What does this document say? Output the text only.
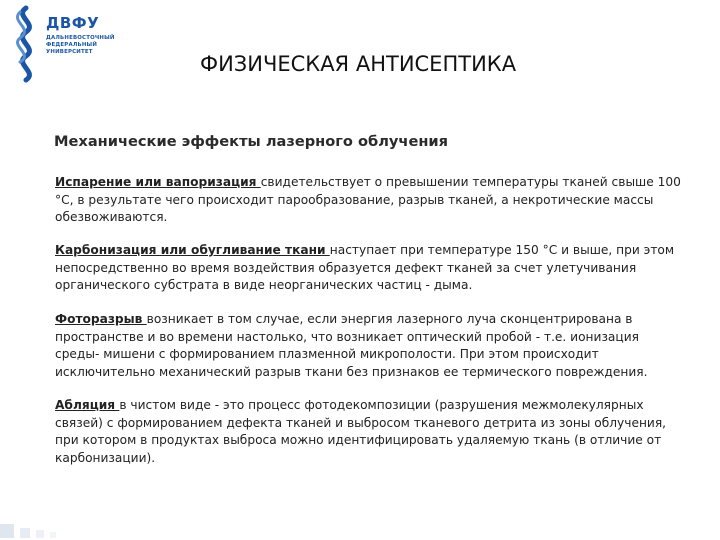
ДВФУ
ДАЛЬНЕВОСТОЧНЫЙ
ФЕДЕРАЛЬНЫЙ
УНИВЕРСИТЕТ	ФИЗИЧЕСКАЯ АНТИСЕПТИКА
Механические эффекты лазерного облучения
Испарение или вапоризация свидетельствует о превышении температуры тканей свыше 100 °С, в результате чего происходит парообразование, разрыв тканей, а некротические массы обезвоживаются.
Карбонизация или обугливание ткани наступает при температуре 150 °С и выше, при этом непосредственно во время воздействия образуется дефект тканей за счет улетучивания органического субстрата в виде неорганических частиц - дыма.
Фоторазрыв возникает в том случае, если энергия лазерного луча сконцентрирована в пространстве и во времени настолько, что возникает оптический пробой - т.е. ионизация среды- мишени с формированием плазменной микрополости. При этом происходит исключительно механический разрыв ткани без признаков ее термического повреждения.
Абляция в чистом виде - это процесс фотодекомпозиции (разрушения межмолекулярных связей) с формированием дефекта тканей и выбросом тканевого детрита из зоны облучения, при котором в продуктах выброса можно идентифицировать удаляемую ткань (в отличие от карбонизации).
